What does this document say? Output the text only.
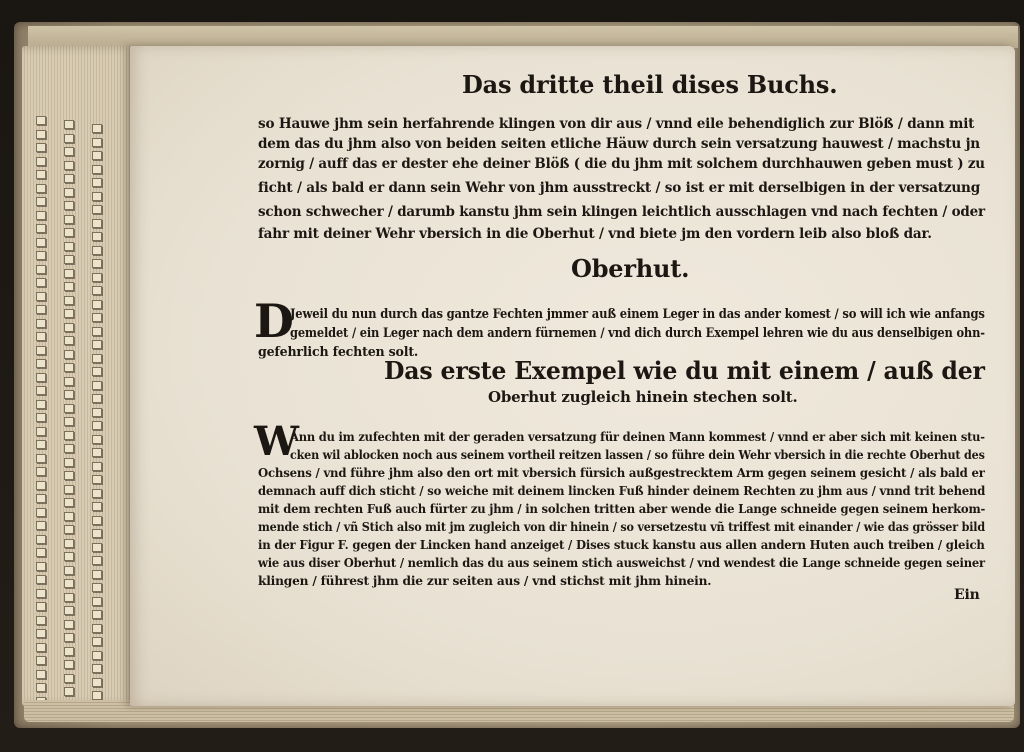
Das dritte theil dises Buchs.
so Hauwe jhm sein herfahrende klingen von dir aus / vnnd eile behendiglich zur Blöß / dann mit
dem das du jhm also von beiden seiten etliche Häuw durch sein versatzung hauwest / machstu jn
zornig / auff das er dester ehe deiner Blöß ( die du jhm mit solchem durchhauwen geben must ) zu
ficht / als bald er dann sein Wehr von jhm ausstreckt / so ist er mit derselbigen in der versatzung
schon schwecher / darumb kanstu jhm sein klingen leichtlich ausschlagen vnd nach fechten / oder
fahr mit deiner Wehr vbersich in die Oberhut / vnd biete jm den vordern leib also bloß dar.
Oberhut.
D
Jeweil du nun durch das gantze Fechten jmmer auß einem Leger in das ander komest / so will ich wie anfangs
gemeldet / ein Leger nach dem andern fürnemen / vnd dich durch Exempel lehren wie du aus denselbigen ohn-
gefehrlich fechten solt.
Das erste Exempel wie du mit einem / auß der
Oberhut zugleich hinein stechen solt.
W
Ann du im zufechten mit der geraden versatzung für deinen Mann kommest / vnnd er aber sich mit keinen stu-
cken wil ablocken noch aus seinem vortheil reitzen lassen / so führe dein Wehr vbersich in die rechte Oberhut des
Ochsens / vnd führe jhm also den ort mit vbersich fürsich außgestrecktem Arm gegen seinem gesicht / als bald er
demnach auff dich sticht / so weiche mit deinem lincken Fuß hinder deinem Rechten zu jhm aus / vnnd trit behend
mit dem rechten Fuß auch fürter zu jhm / in solchen tritten aber wende die Lange schneide gegen seinem herkom-
mende stich / vñ Stich also mit jm zugleich von dir hinein / so versetzestu vñ triffest mit einander / wie das grösser bild
in der Figur F. gegen der Lincken hand anzeiget / Dises stuck kanstu aus allen andern Huten auch treiben / gleich
wie aus diser Oberhut / nemlich das du aus seinem stich ausweichst / vnd wendest die Lange schneide gegen seiner
klingen / führest jhm die zur seiten aus / vnd stichst mit jhm hinein.
Ein
